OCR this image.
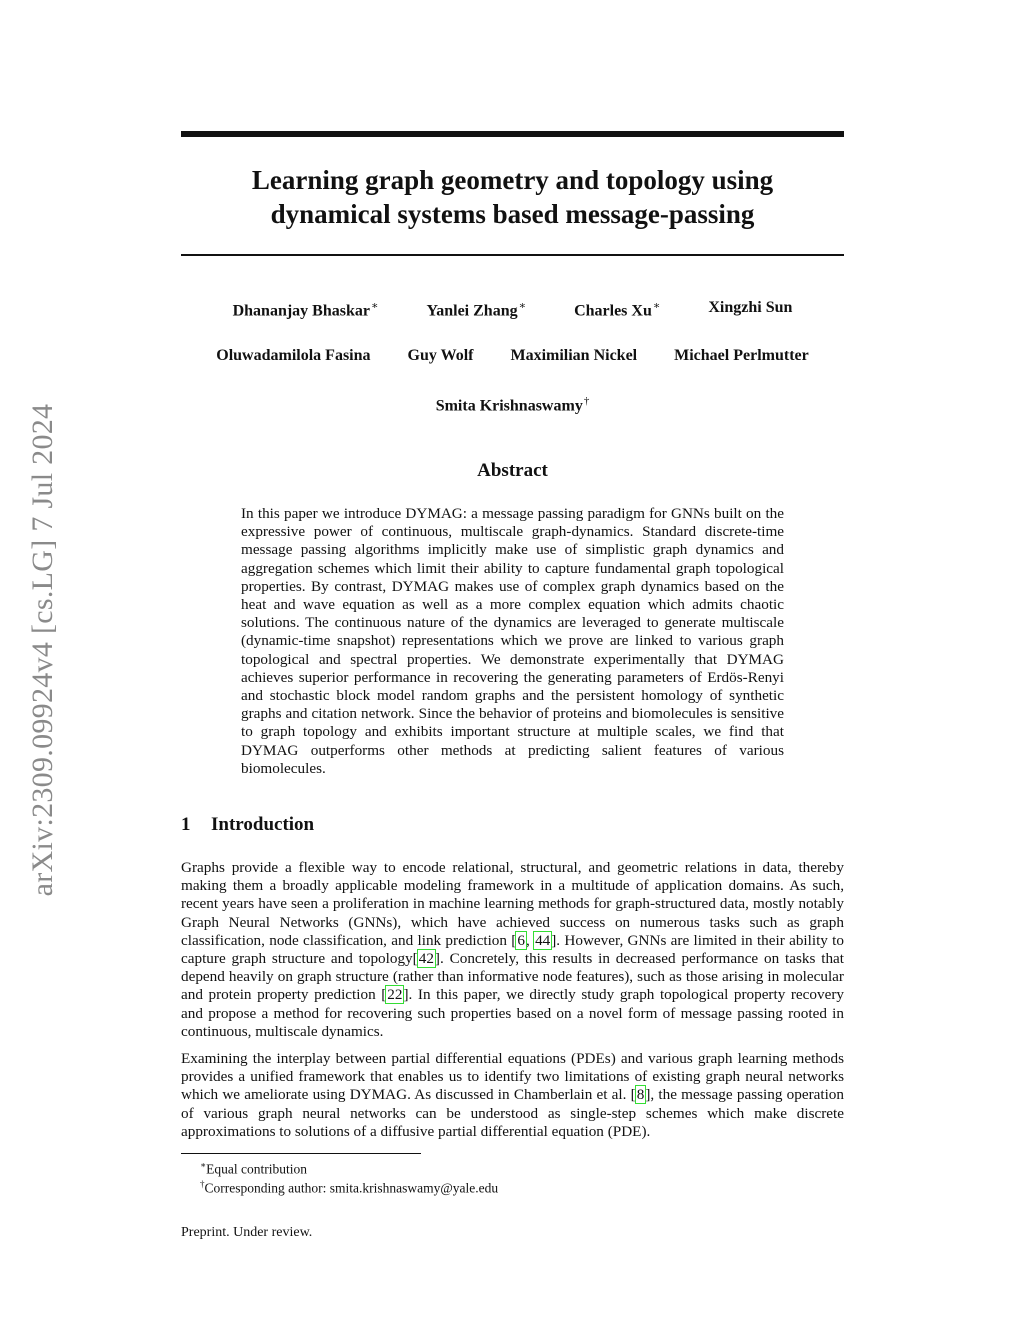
arXiv:2309.09924v4 [cs.LG] 7 Jul 2024
Learning graph geometry and topology using
dynamical systems based message-passing
Dhananjay Bhaskar∗	Yanlei Zhang∗	Charles Xu∗	Xingzhi Sun
Oluwadamilola Fasina Guy Wolf Maximilian Nickel Michael Perlmutter
Smita Krishnaswamy†
Abstract
In this paper we introduce DYMAG: a message passing paradigm for GNNs built on the expressive power of continuous, multiscale graph-dynamics. Standard discrete-time message passing algorithms implicitly make use of simplistic graph dynamics and aggregation schemes which limit their ability to capture fundamental graph topological properties. By contrast, DYMAG makes use of complex graph dynamics based on the heat and wave equation as well as a more complex equation which admits chaotic solutions. The continuous nature of the dynamics are leveraged to generate multiscale (dynamic-time snapshot) representations which we prove are linked to various graph topological and spectral properties. We demonstrate experimentally that DYMAG achieves superior performance in recovering the generating parameters of Erdös-Renyi and stochastic block model random graphs and the persistent homology of synthetic graphs and citation network. Since the behavior of proteins and biomolecules is sensitive to graph topology and exhibits important structure at multiple scales, we find that DYMAG outperforms other methods at predicting salient features of various biomolecules.
1 Introduction
Graphs provide a flexible way to encode relational, structural, and geometric relations in data, thereby making them a broadly applicable modeling framework in a multitude of application domains. As such, recent years have seen a proliferation in machine learning methods for graph-structured data, mostly notably Graph Neural Networks (GNNs), which have achieved success on numerous tasks such as graph classification, node classification, and link prediction [6, 44]. However, GNNs are limited in their ability to capture graph structure and topology[42]. Concretely, this results in decreased performance on tasks that depend heavily on graph structure (rather than informative node features), such as those arising in molecular and protein property prediction [22]. In this paper, we directly study graph topological property recovery and propose a method for recovering such properties based on a novel form of message passing rooted in continuous, multiscale dynamics.
Examining the interplay between partial differential equations (PDEs) and various graph learning methods provides a unified framework that enables us to identify two limitations of existing graph neural networks which we ameliorate using DYMAG. As discussed in Chamberlain et al. [8], the message passing operation of various graph neural networks can be understood as single-step schemes which make discrete approximations to solutions of a diffusive partial differential equation (PDE).
∗Equal contribution
†Corresponding author: smita.krishnaswamy@yale.edu
Preprint. Under review.
